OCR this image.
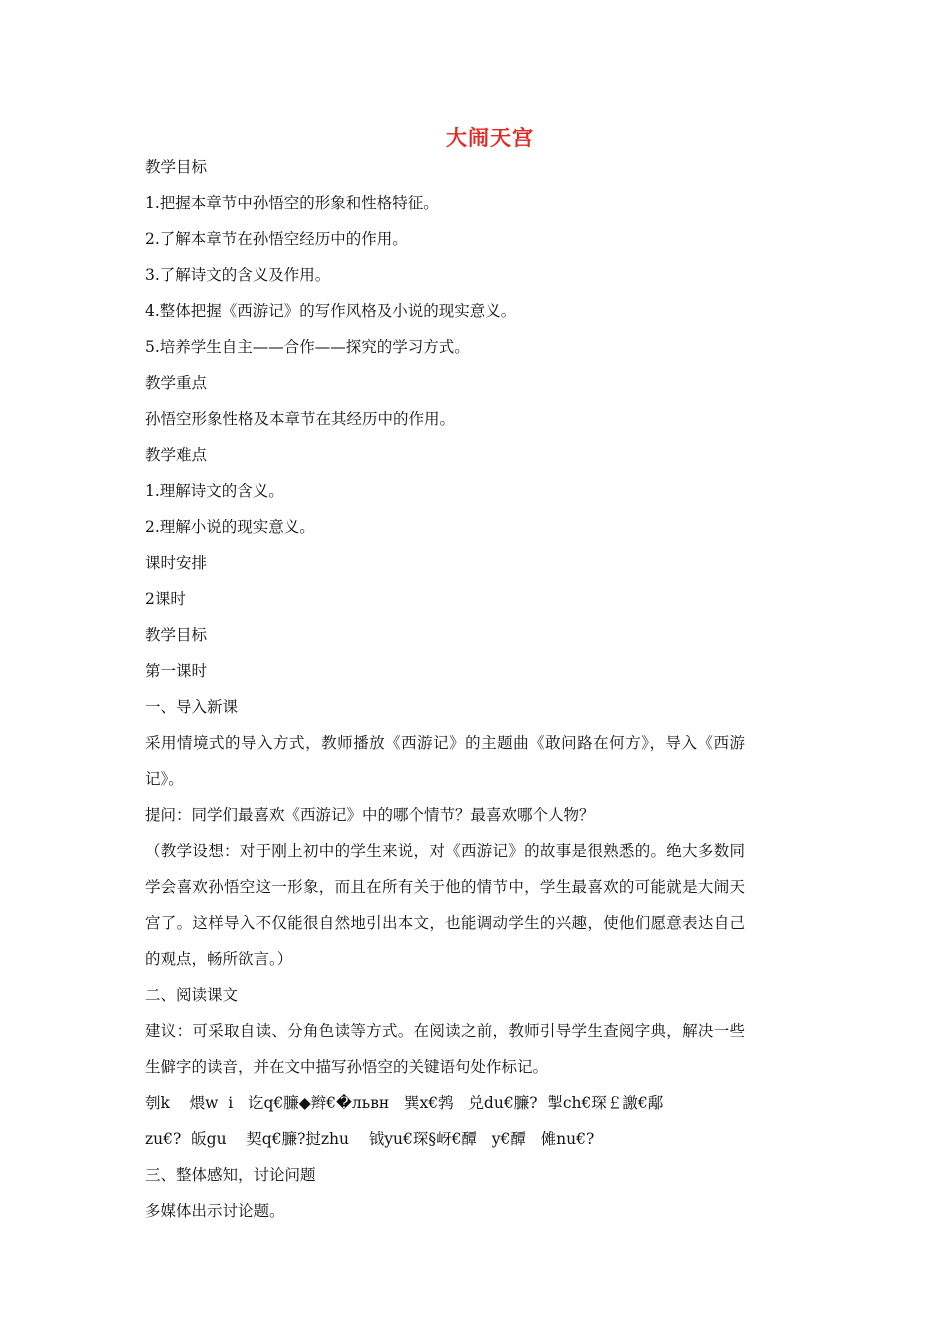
大闹天宫
教学目标
1.把握本章节中孙悟空的形象和性格特征。
2.了解本章节在孙悟空经历中的作用。
3.了解诗文的含义及作用。
4.整体把握《西游记》的写作风格及小说的现实意义。
5.培养学生自主——合作——探究的学习方式。
教学重点
孙悟空形象性格及本章节在其经历中的作用。
教学难点
1.理解诗文的含义。
2.理解小说的现实意义。
课时安排
2课时
教学目标
第一课时
一、导入新课
采用情境式的导入方式，教师播放《西游记》的主题曲《敢问路在何方》，导入《西游记》。
提问：同学们最喜欢《西游记》中的哪个情节？最喜欢哪个人物？
（教学设想：对于刚上初中的学生来说，对《西游记》的故事是很熟悉的。绝大多数同学会喜欢孙悟空这一形象，而且在所有关于他的情节中，学生最喜欢的可能就是大闹天宫了。这样导入不仅能很自然地引出本文，也能调动学生的兴趣，使他们愿意表达自己的观点，畅所欲言。）
二、阅读课文
建议：可采取自读、分角色读等方式。在阅读之前，教师引导学生查阅字典，解决一些生僻字的读音，并在文中描写孙悟空的关键语句处作标记。
刳k    煨w  i   讫q€臁◆辫€�львн   巽x€鹁   兑du€臁?  掣ch€琛￡譤€鄅
zu€?  皈gu    契q€臁?挝zhu    钺yu€琛§岈€醰   y€醰   傩nu€?
三、整体感知，讨论问题
多媒体出示讨论题。
